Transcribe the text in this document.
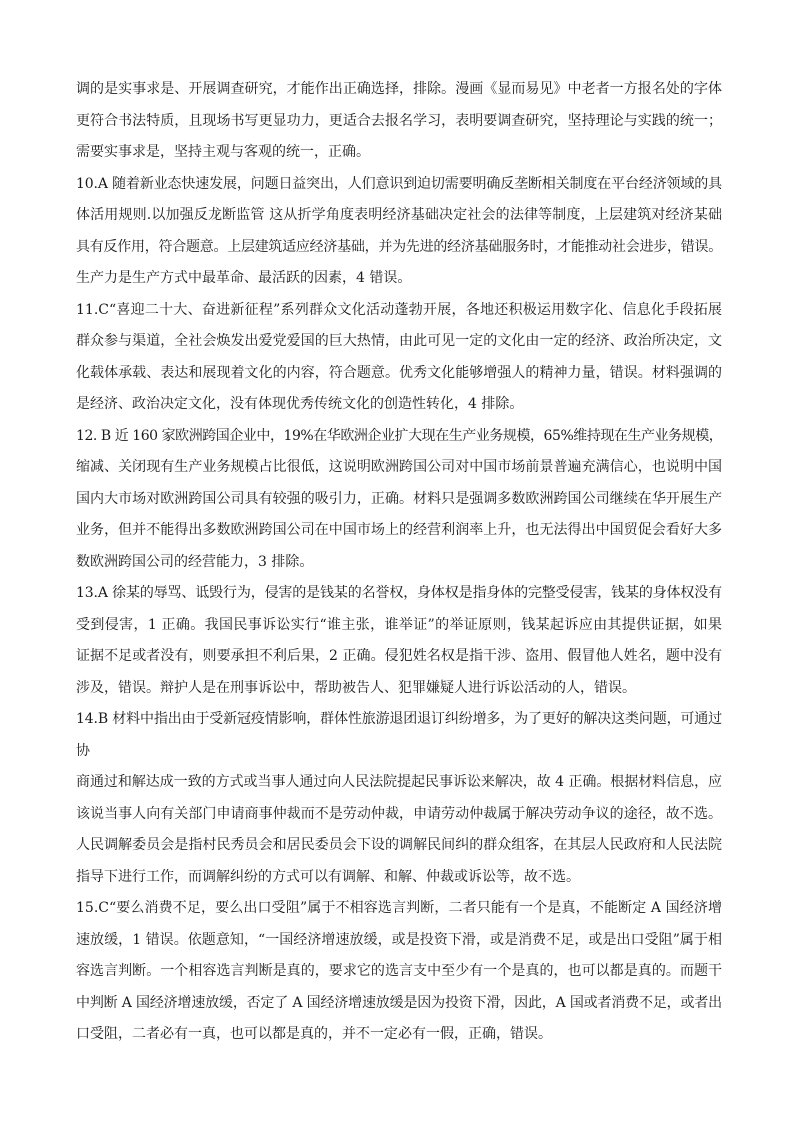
调的是实事求是、开展调查研究，才能作出正确选择，排除。漫画《显而易见》中老者一方报名处的字体
更符合书法特质，且现场书写更显功力，更适合去报名学习，表明要调查研究，坚持理论与实践的统一；
需要实事求是，坚持主观与客观的统一，正确。
10.A 随着新业态快速发展，问题日益突出，人们意识到迫切需要明确反垄断相关制度在平台经济领域的具
体活用规则.以加强反龙断监管 这从折学角度表明经济基础决定社会的法律等制度，上层建筑对经济某础
具有反作用，符合题意。上层建筑适应经济基础，并为先进的经济基础服务时，才能推动社会进步，错误。
生产力是生产方式中最革命、最活跃的因素，4 错误。
11.C“喜迎二十大、奋进新征程”系列群众文化活动蓬勃开展，各地还积极运用数字化、信息化手段拓展
群众参与渠道，全社会焕发出爱党爱国的巨大热情，由此可见一定的文化由一定的经济、政治所决定，文
化载体承载、表达和展现着文化的内容，符合题意。优秀文化能够增强人的精神力量，错误。材料强调的
是经济、政治决定文化，没有体现优秀传统文化的创造性转化，4 排除。
12. B 近 160 家欧洲跨国企业中，19%在华欧洲企业扩大现在生产业务规模，65%维持现在生产业务规模，
缩减、关闭现有生产业务规模占比很低，这说明欧洲跨国公司对中国市场前景普遍充满信心，也说明中国
国内大市场对欧洲跨国公司具有较强的吸引力，正确。材料只是强调多数欧洲跨国公司继续在华开展生产
业务，但并不能得出多数欧洲跨国公司在中国市场上的经营利润率上升，也无法得出中国贸促会看好大多
数欧洲跨国公司的经营能力，3 排除。
13.A 徐某的辱骂、诋毁行为，侵害的是钱某的名誉权，身体权是指身体的完整受侵害，钱某的身体权没有
受到侵害，1 正确。我国民事诉讼实行“谁主张，谁举证”的举证原则，钱某起诉应由其提供证据，如果
证据不足或者没有，则要承担不利后果，2 正确。侵犯姓名权是指干涉、盗用、假冒他人姓名，题中没有
涉及，错误。辩护人是在刑事诉讼中，帮助被告人、犯罪嫌疑人进行诉讼活动的人，错误。
14.B 材料中指出由于受新冠疫情影响，群体性旅游退团退订纠纷增多，为了更好的解决这类问题，可通过
协
商通过和解达成一致的方式或当事人通过向人民法院提起民事诉讼来解决，故 4 正确。根据材料信息，应
该说当事人向有关部门申请商事仲裁而不是劳动仲裁，申请劳动仲裁属于解决劳动争议的途径，故不选。
人民调解委员会是指村民秀员会和居民委员会下设的调解民间纠的群众组客，在其层人民政府和人民法院
指导下进行工作，而调解纠纷的方式可以有调解、和解、仲裁或诉讼等，故不选。
15.C“要么消费不足，要么出口受阻”属于不相容选言判断，二者只能有一个是真，不能断定 A 国经济增
速放缓，1 错误。依题意知，“一国经济增速放缓，或是投资下滑，或是消费不足，或是出口受阻”属于相
容选言判断。一个相容选言判断是真的，要求它的选言支中至少有一个是真的，也可以都是真的。而题干
中判断 A 国经济增速放缓，否定了 A 国经济增速放缓是因为投资下滑，因此，A 国或者消费不足，或者出
口受阻，二者必有一真，也可以都是真的，并不一定必有一假，正确，错误。
